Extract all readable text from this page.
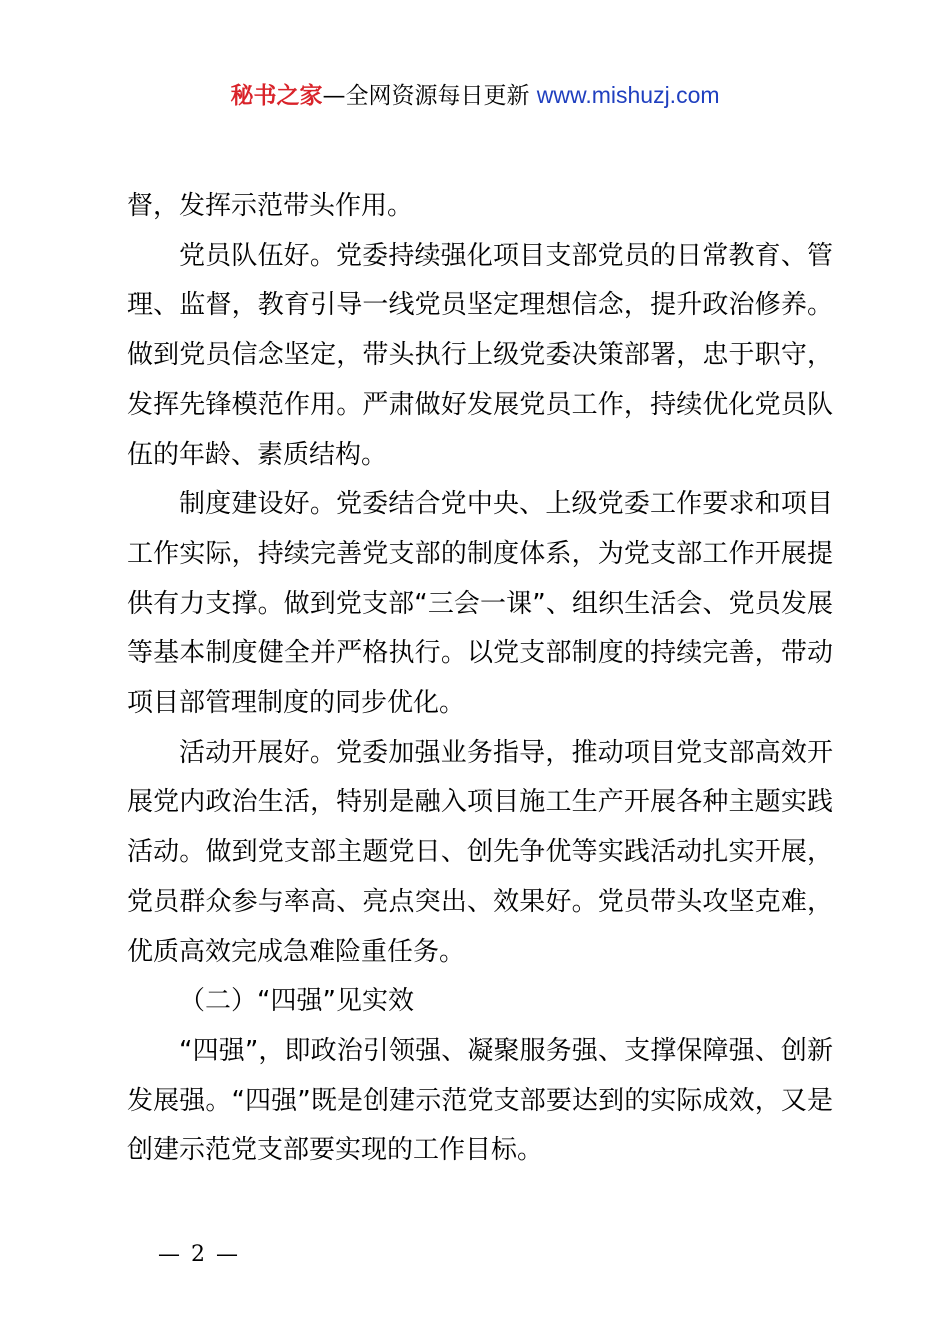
秘书之家—全网资源每日更新 www.mishuzj.com

督，发挥示范带头作用。

党员队伍好。党委持续强化项目支部党员的日常教育、管理、监督，教育引导一线党员坚定理想信念，提升政治修养。做到党员信念坚定，带头执行上级党委决策部署，忠于职守，发挥先锋模范作用。严肃做好发展党员工作，持续优化党员队伍的年龄、素质结构。

制度建设好。党委结合党中央、上级党委工作要求和项目工作实际，持续完善党支部的制度体系，为党支部工作开展提供有力支撑。做到党支部“三会一课”、组织生活会、党员发展等基本制度健全并严格执行。以党支部制度的持续完善，带动项目部管理制度的同步优化。

活动开展好。党委加强业务指导，推动项目党支部高效开展党内政治生活，特别是融入项目施工生产开展各种主题实践活动。做到党支部主题党日、创先争优等实践活动扎实开展，党员群众参与率高、亮点突出、效果好。党员带头攻坚克难，优质高效完成急难险重任务。

（二）“四强”见实效

“四强”，即政治引领强、凝聚服务强、支撑保障强、创新发展强。“四强”既是创建示范党支部要达到的实际成效，又是创建示范党支部要实现的工作目标。

— 2 —
